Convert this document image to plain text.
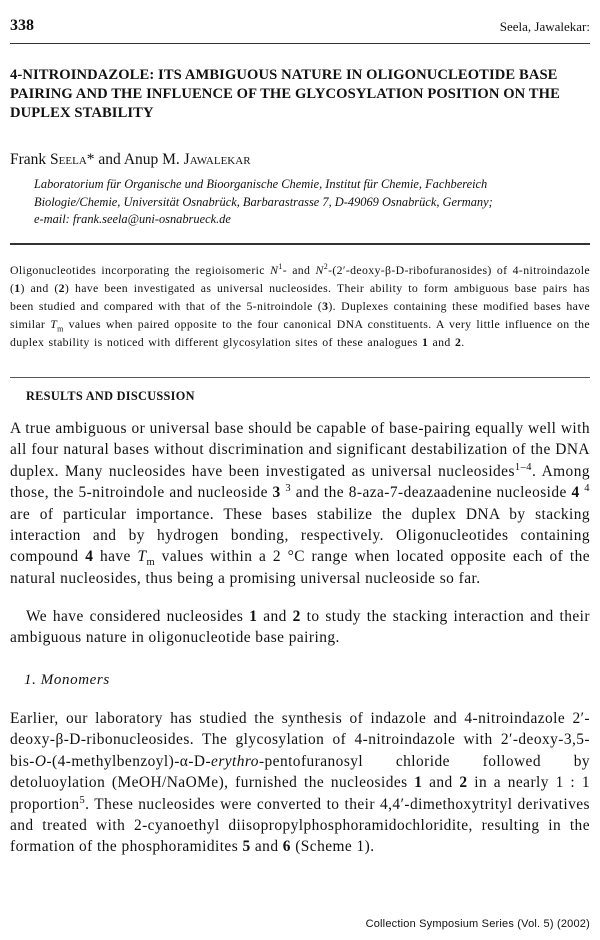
338	Seela, Jawalekar:
4-NITROINDAZOLE: ITS AMBIGUOUS NATURE IN OLIGONUCLEOTIDE BASE PAIRING AND THE INFLUENCE OF THE GLYCOSYLATION POSITION ON THE DUPLEX STABILITY
Frank Seela* and Anup M. Jawalekar
Laboratorium für Organische und Bioorganische Chemie, Institut für Chemie, Fachbereich
Biologie/Chemie, Universität Osnabrück, Barbarastrasse 7, D-49069 Osnabrück, Germany;
e-mail: frank.seela@uni-osnabrueck.de
Oligonucleotides incorporating the regioisomeric $N^1-$ and $N^2-(2'-deoxy-\beta-D-ribofuranosides)$ of 4-nitroindazole (1) and (2) have been investigated as universal nucleosides. Their ability to form ambiguous base pairs has been studied and compared with that of the 5-nitroindole (3). Duplexes containing these modified bases have similar $T_m$ values when paired opposite to the four canonical DNA constituents. A very little influence on the duplex stability is noticed with different glycosylation sites of these analogues 1 and 2.
RESULTS AND DISCUSSION
A true ambiguous or universal base should be capable of base-pairing equally well with all four natural bases without discrimination and significant destabilization of the DNA duplex. Many nucleosides have been investigated as universal nucleosides$^{1-4}$. Among those, the 5-nitroindole and nucleoside 3 $^3$ and the 8-aza-7-deazaadenine nucleoside 4 $^4$ are of particular importance. These bases stabilize the duplex DNA by stacking interaction and by hydrogen bonding, respectively. Oligonucleotides containing compound 4 have $T_m$ values within a 2 °C range when located opposite each of the natural nucleosides, thus being a promising universal nucleoside so far.
We have considered nucleosides 1 and 2 to study the stacking interaction and their ambiguous nature in oligonucleotide base pairing.
1. Monomers
Earlier, our laboratory has studied the synthesis of indazole and 4-nitroindazole 2′-deoxy-β-D-ribonucleosides. The glycosylation of 4-nitroindazole with 2′-deoxy-3,5-bis-O-(4-methylbenzoyl)-α-D-erythro-pentofuranosyl chloride followed by detoluoylation (MeOH/NaOMe), furnished the nucleosides 1 and 2 in a nearly 1 : 1 proportion$^5$. These nucleosides were converted to their 4,4′-dimethoxytrityl derivatives and treated with 2-cyanoethyl diisopropylphosphoramidochloridite, resulting in the formation of the phosphoramidites 5 and 6 (Scheme 1).
Collection Symposium Series (Vol. 5) (2002)
